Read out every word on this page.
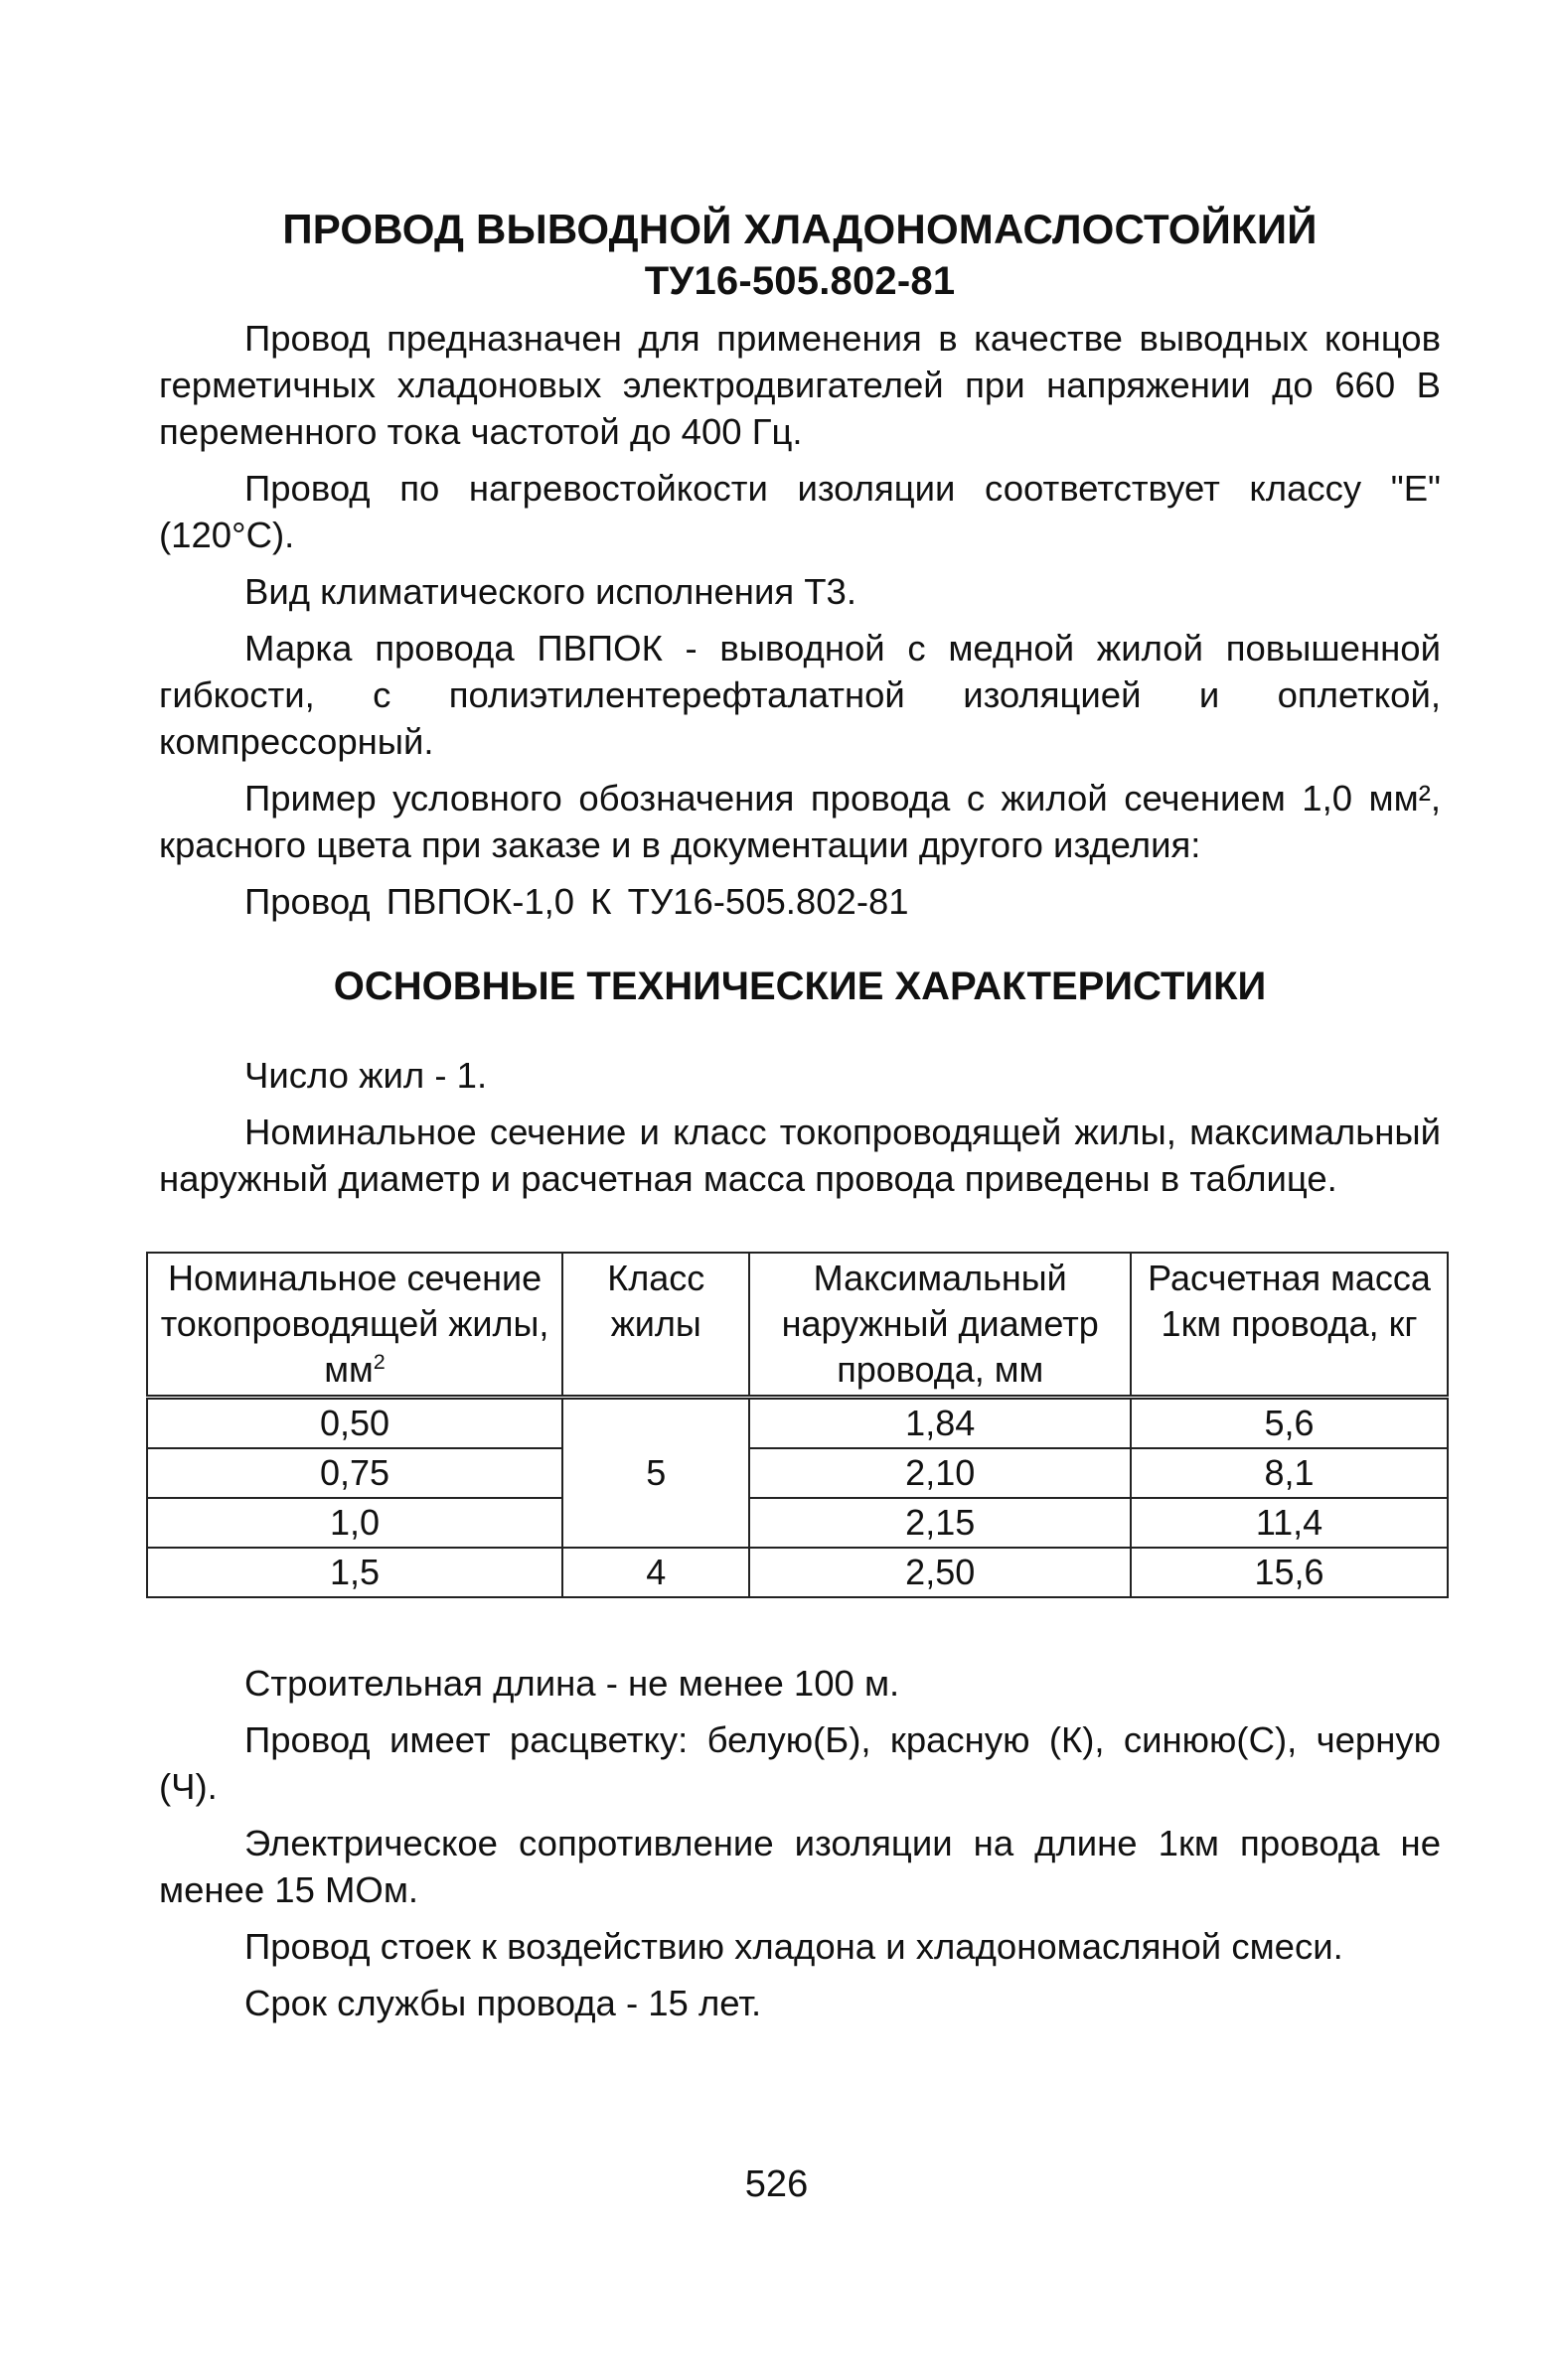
ПРОВОД ВЫВОДНОЙ ХЛАДОНОМАСЛОСТОЙКИЙ
ТУ16-505.802-81

Провод предназначен для применения в качестве выводных концов герметичных хладоновых электродвигателей при напряжении до 660 В переменного тока частотой до 400 Гц.

Провод по нагревостойкости изоляции соответствует классу "Е" (120°С).

Вид климатического исполнения Т3.

Марка провода ПВПОК - выводной с медной жилой повышенной гибкости, с полиэтилентерефталатной изоляцией и оплеткой, компрессорный.

Пример условного обозначения провода с жилой сечением 1,0 мм², красного цвета при заказе и в документации другого изделия:

Провод ПВПОК-1,0 К ТУ16-505.802-81
ОСНОВНЫЕ ТЕХНИЧЕСКИЕ ХАРАКТЕРИСТИКИ

Число жил - 1.

Номинальное сечение и класс токопроводящей жилы, максимальный наружный диаметр и расчетная масса провода приведены в таблице.

Номинальное сечение токопроводящей жилы, $мм^2$	Класс жилы	Максимальный наружный диаметр провода, мм	Расчетная масса 1км провода, кг
0,50	5	1,84	5,6
0,75		2,10	8,1
1,0		2,15	11,4
1,5	4	2,50	15,6

Строительная длина - не менее 100 м.

Провод имеет расцветку: белую(Б), красную (К), синюю(С), черную (Ч).

Электрическое сопротивление изоляции на длине 1км провода не менее 15 МОм.

Провод стоек к воздействию хладона и хладономасляной смеси.

Срок службы провода - 15 лет.

526
